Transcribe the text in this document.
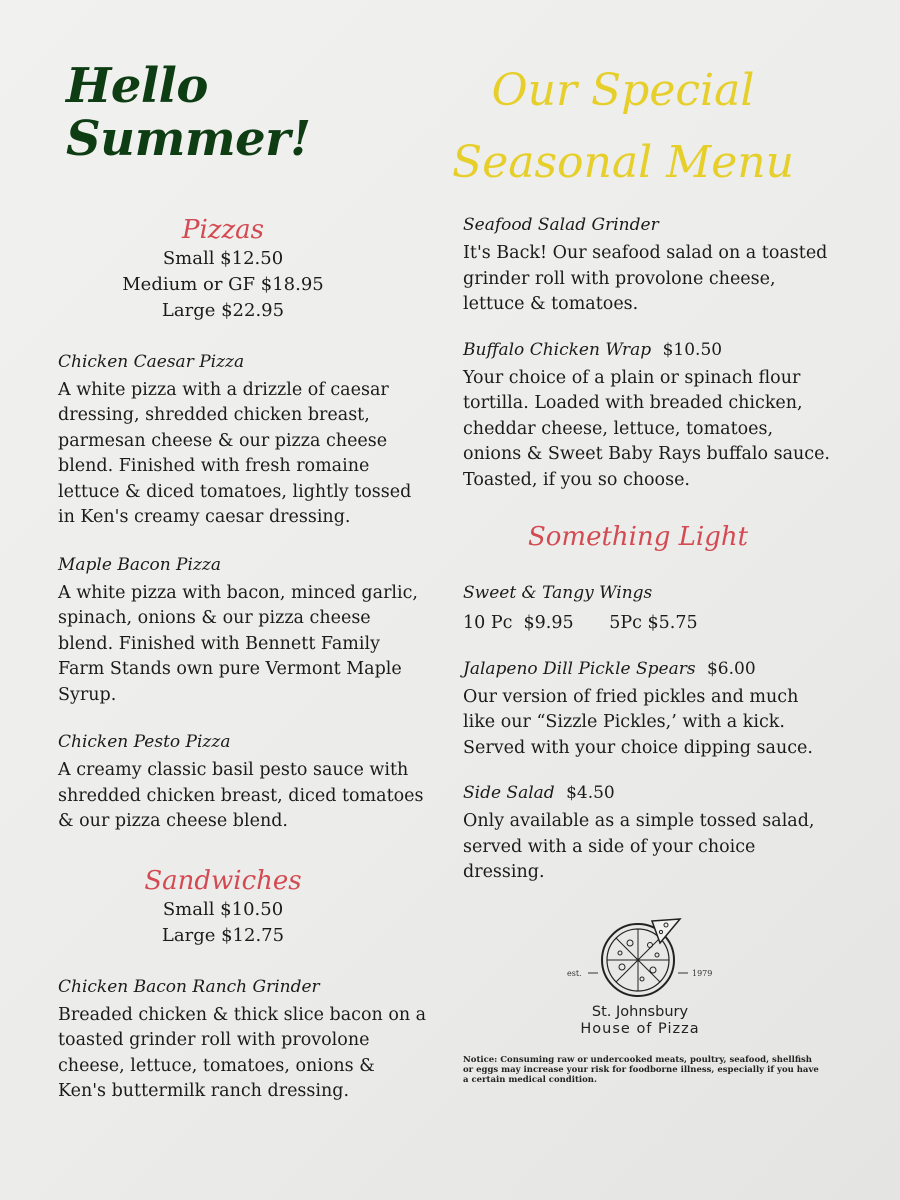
Hello Summer!
Pizzas
Small $12.50
Medium or GF $18.95
Large $22.95
Chicken Caesar Pizza
A white pizza with a drizzle of caesar
dressing, shredded chicken breast,
parmesan cheese & our pizza cheese
blend. Finished with fresh romaine
lettuce & diced tomatoes, lightly tossed
in Ken's creamy caesar dressing.
Maple Bacon Pizza
A white pizza with bacon, minced garlic,
spinach, onions & our pizza cheese
blend. Finished with Bennett Family
Farm Stands own pure Vermont Maple
Syrup.
Chicken Pesto Pizza
A creamy classic basil pesto sauce with
shredded chicken breast, diced tomatoes
& our pizza cheese blend.
Sandwiches
Small $10.50
Large $12.75
Chicken Bacon Ranch Grinder
Breaded chicken & thick slice bacon on a
toasted grinder roll with provolone
cheese, lettuce, tomatoes, onions &
Ken's buttermilk ranch dressing.
Our Special
Seasonal Menu
Seafood Salad Grinder
It's Back! Our seafood salad on a toasted
grinder roll with provolone cheese,
lettuce & tomatoes.
Buffalo Chicken Wrap $10.50
Your choice of a plain or spinach flour
tortilla. Loaded with breaded chicken,
cheddar cheese, lettuce, tomatoes,
onions & Sweet Baby Rays buffalo sauce.
Toasted, if you so choose.
Something Light
Sweet & Tangy Wings
10 Pc  $9.95 5Pc $5.75
Jalapeno Dill Pickle Spears $6.00
Our version of fried pickles and much
like our “Sizzle Pickles,’ with a kick.
Served with your choice dipping sauce.
Side Salad $4.50
Only available as a simple tossed salad,
served with a side of your choice
dressing.
est.	1979
St. Johnsbury
House of Pizza
Notice: Consuming raw or undercooked meats, poultry, seafood, shellfish or eggs may increase your risk for foodborne illness, especially if you have a certain medical condition.
